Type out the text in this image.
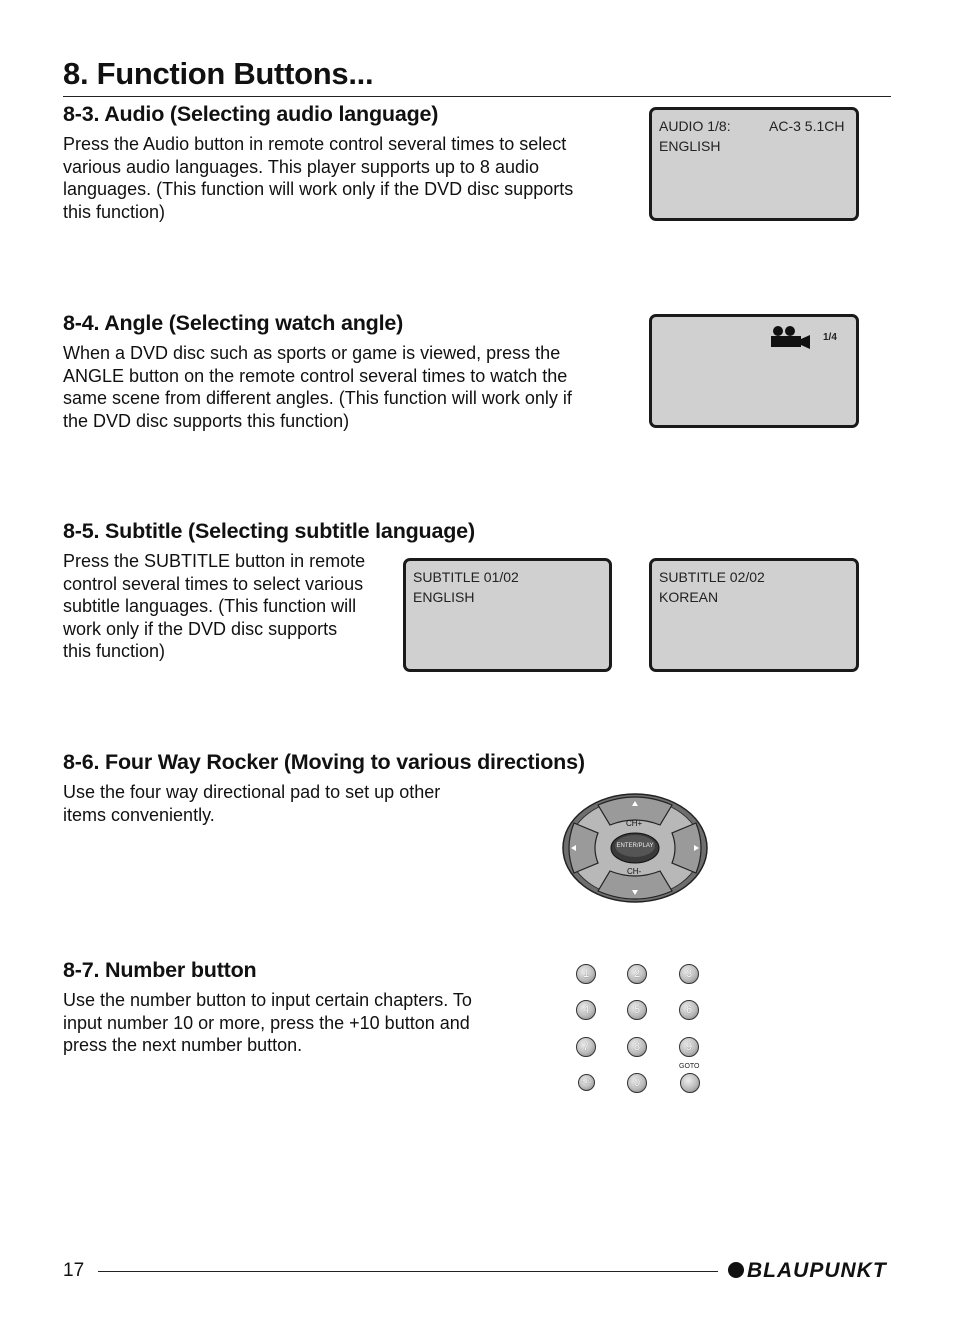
8. Function Buttons...
8-3. Audio (Selecting audio language)
Press the Audio button in remote control several times to select
various audio languages. This player supports up to 8 audio
languages. (This function will work only if the DVD disc supports
this function)
AUDIO 1/8:	AC-3 5.1CH
ENGLISH
8-4. Angle (Selecting watch angle)
When a DVD disc such as sports or game is viewed, press the
ANGLE button on the remote control several times to watch the
same scene from different angles. (This function will work only if
the DVD disc supports this function)
1/4
8-5. Subtitle (Selecting subtitle language)
Press the SUBTITLE button in remote
control several times to select various
subtitle languages. (This function will
work only if the DVD disc supports
this function)
SUBTITLE 01/02
ENGLISH
SUBTITLE 02/02
KOREAN
8-6. Four Way Rocker (Moving to various directions)
Use the four way directional pad to set up other
items conveniently.	CH+
CH-
ENTER/PLAY
8-7. Number button
Use the number button to input certain chapters. To
input number 10 or more, press the +10 button and
press the next number button.
1	2	3
4	5	6
7	8	9
+10	0
GOTO
17	BLAUPUNKT
